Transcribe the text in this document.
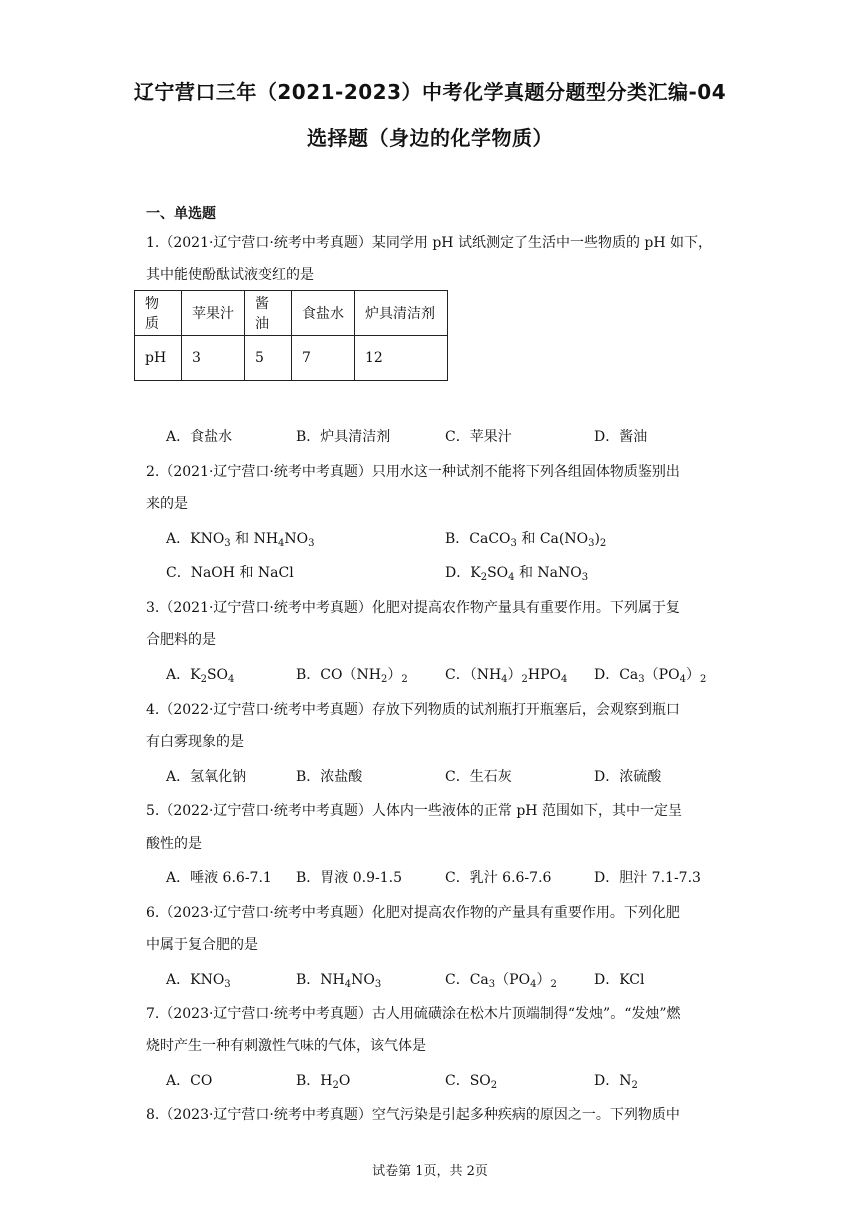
辽宁营口三年（2021-2023）中考化学真题分题型分类汇编-04
选择题（身边的化学物质）
一、单选题
1.（2021·辽宁营口·统考中考真题）某同学用 pH 试纸测定了生活中一些物质的 pH 如下，
其中能使酚酞试液变红的是
物质	苹果汁	酱油	食盐水	炉具清洁剂
pH	3	5	7	12
A．食盐水	B．炉具清洁剂	C．苹果汁	D．酱油
2.（2021·辽宁营口·统考中考真题）只用水这一种试剂不能将下列各组固体物质鉴别出
来的是
A．$KNO_3$ 和 $NH_4NO_3$	B．CaCO$_3$ 和 $Ca(NO_3)_2$
C．NaOH 和 NaCl	D．$K_2SO_4$ 和 NaNO$_3$
3.（2021·辽宁营口·统考中考真题）化肥对提高农作物产量具有重要作用。下列属于复
合肥料的是
A．$K_2SO_4$	B．$CO(NH_2)_2$	C．$(NH_4)_2HPO_4$ D．$Ca_3(PO_4)_2$
4.（2022·辽宁营口·统考中考真题）存放下列物质的试剂瓶打开瓶塞后，会观察到瓶口
有白雾现象的是
A．氢氧化钠	B．浓盐酸	C．生石灰	D．浓硫酸
5.（2022·辽宁营口·统考中考真题）人体内一些液体的正常 pH 范围如下，其中一定呈
酸性的是
A．唾液 6.6-7.1 B．胃液 0.9-1.5	C．乳汁 6.6-7.6	D．胆汁 7.1-7.3
6.（2023·辽宁营口·统考中考真题）化肥对提高农作物的产量具有重要作用。下列化肥
中属于复合肥的是
A．$KNO_3$	B．$NH_4NO_3$	C．$Ca_3(PO_4)_2$	D．KCl
7.（2023·辽宁营口·统考中考真题）古人用硫磺涂在松木片顶端制得“发烛”。“发烛”燃
烧时产生一种有刺激性气味的气体，该气体是
A．CO	B．$H_2O$	C．$SO_2$	D．$N_2$
8.（2023·辽宁营口·统考中考真题）空气污染是引起多种疾病的原因之一。下列物质中
试卷第 1页，共 2页
